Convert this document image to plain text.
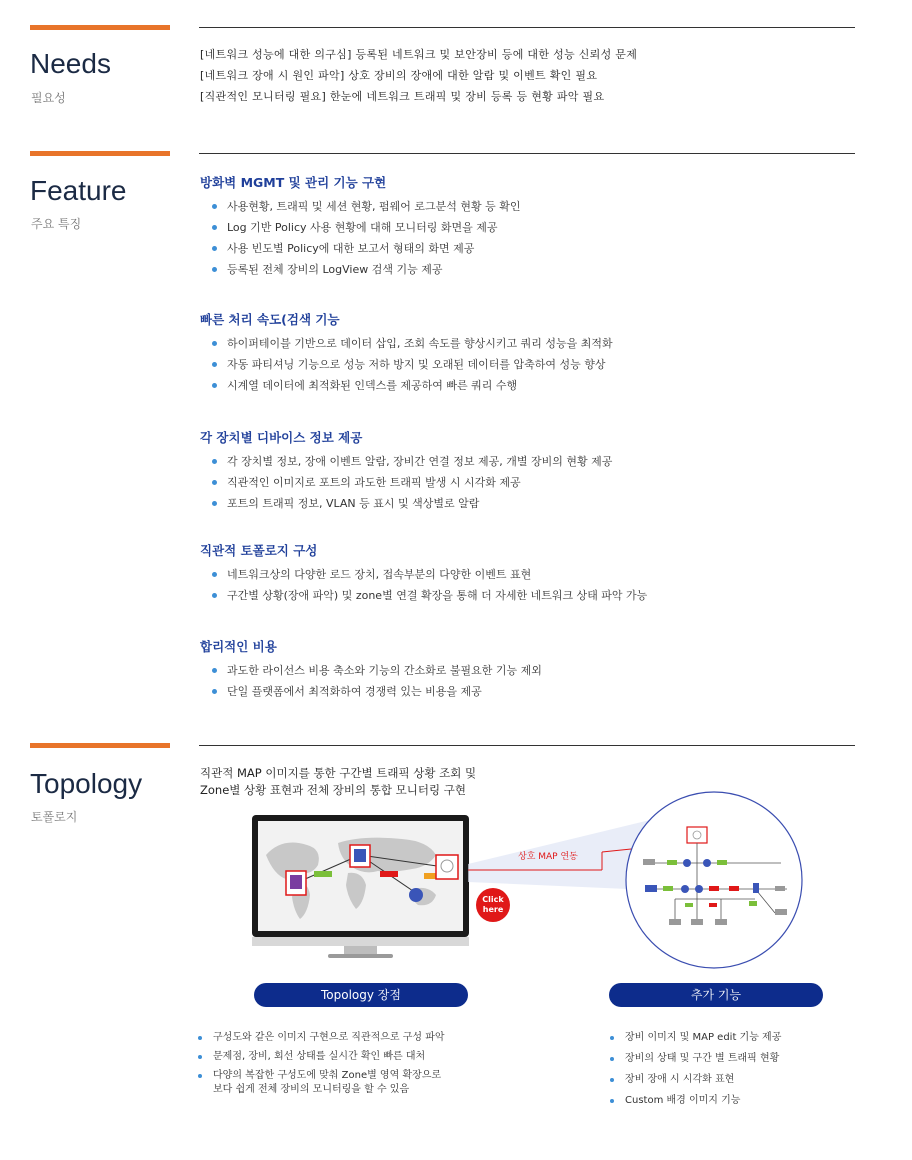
Needs
필요성
[네트워크 성능에 대한 의구심] 등록된 네트워크 및 보안장비 등에 대한 성능 신뢰성 문제
[네트워크 장애 시 원인 파악] 상호 장비의 장애에 대한 알람 및 이벤트 확인 필요
[직관적인 모니터링 필요] 한눈에 네트워크 트래픽 및 장비 등록 등 현황 파악 필요
Feature
주요 특징
방화벽 MGMT 및 관리 기능 구현
사용현황, 트래픽 및 세션 현황, 펌웨어 로그분석 현황 등 확인
Log 기반 Policy 사용 현황에 대해 모니터링 화면을 제공
사용 빈도별 Policy에 대한 보고서 형태의 화면 제공
등록된 전체 장비의 LogView 검색 기능 제공
빠른 처리 속도(검색 기능
하이퍼테이블 기반으로 데이터 삽입, 조회 속도를 향상시키고 쿼리 성능을 최적화
자동 파티셔닝 기능으로 성능 저하 방지 및 오래된 데이터를 압축하여 성능 향상
시계열 데이터에 최적화된 인덱스를 제공하여 빠른 쿼리 수행
각 장치별 디바이스 정보 제공
각 장치별 정보, 장애 이벤트 알람, 장비간 연결 정보 제공, 개별 장비의 현황 제공
직관적인 이미지로 포트의 과도한 트래픽 발생 시 시각화 제공
포트의 트래픽 정보, VLAN 등 표시 및 색상별로 알람
직관적 토폴로지 구성
네트워크상의 다양한 로드 장치, 접속부분의 다양한 이벤트 표현
구간별 상황(장애 파악) 및 zone별 연결 확장을 통해 더 자세한 네트워크 상태 파악 가능
합리적인 비용
과도한 라이선스 비용 축소와 기능의 간소화로 불필요한 기능 제외
단일 플랫폼에서 최적화하여 경쟁력 있는 비용을 제공
Topology
토폴로지
직관적 MAP 이미지를 통한 구간별 트래픽 상황 조회 및
Zone별 상황 표현과 전체 장비의 통합 모니터링 구현
Click here
상호 MAP 연동
Topology 장점	추가 기능
구성도와 같은 이미지 구현으로 직관적으로 구성 파악
문제점, 장비, 회선 상태를 실시간 확인 빠른 대처
다양의 복잡한 구성도에 맞춰 Zone별 영역 확장으로
보다 쉽게 전체 장비의 모니터링을 할 수 있음
장비 이미지 및 MAP edit 기능 제공
장비의 상태 및 구간 별 트래픽 현황
장비 장애 시 시각화 표현
Custom 배경 이미지 기능
